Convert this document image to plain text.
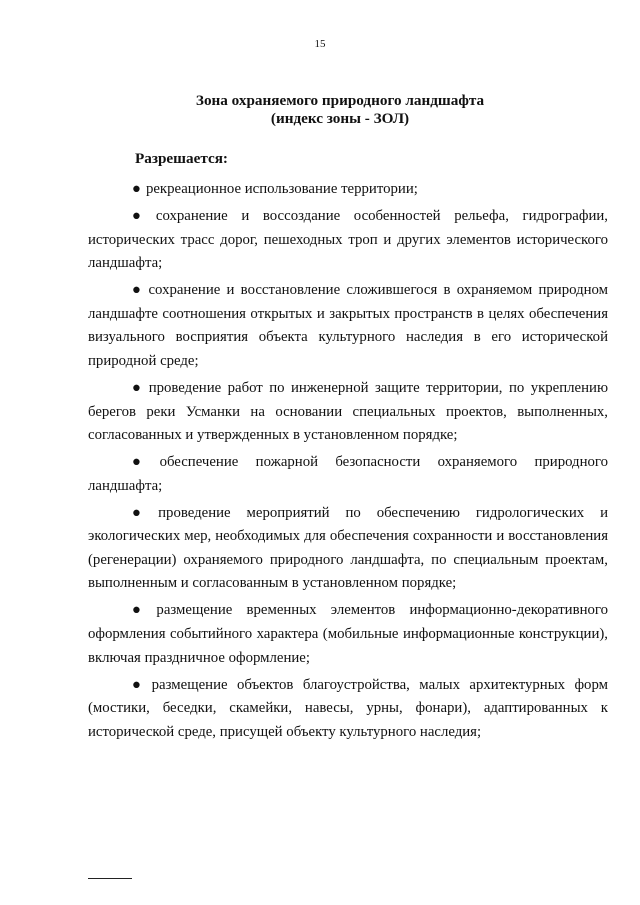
15
Зона охраняемого природного ландшафта
(индекс зоны - ЗОЛ)
Разрешается:

● рекреационное использование территории;

● сохранение и воссоздание особенностей рельефа, гидрографии, исторических трасс дорог, пешеходных троп и других элементов исторического ландшафта;

● сохранение и восстановление сложившегося в охраняемом природном ландшафте соотношения открытых и закрытых пространств в целях обеспечения визуального восприятия объекта культурного наследия в его исторической природной среде;

● проведение работ по инженерной защите территории, по укреплению берегов реки Усманки на основании специальных проектов, выполненных, согласованных и утвержденных в установленном порядке;

● обеспечение пожарной безопасности охраняемого природного ландшафта;

● проведение мероприятий по обеспечению гидрологических и экологических мер, необходимых для обеспечения сохранности и восстановления (регенерации) охраняемого природного ландшафта, по специальным проектам, выполненным и согласованным в установленном порядке;

● размещение временных элементов информационно-декоративного оформления событийного характера (мобильные информационные конструкции), включая праздничное оформление;

● размещение объектов благоустройства, малых архитектурных форм (мостики, беседки, скамейки, навесы, урны, фонари), адаптированных к исторической среде, присущей объекту культурного наследия;
